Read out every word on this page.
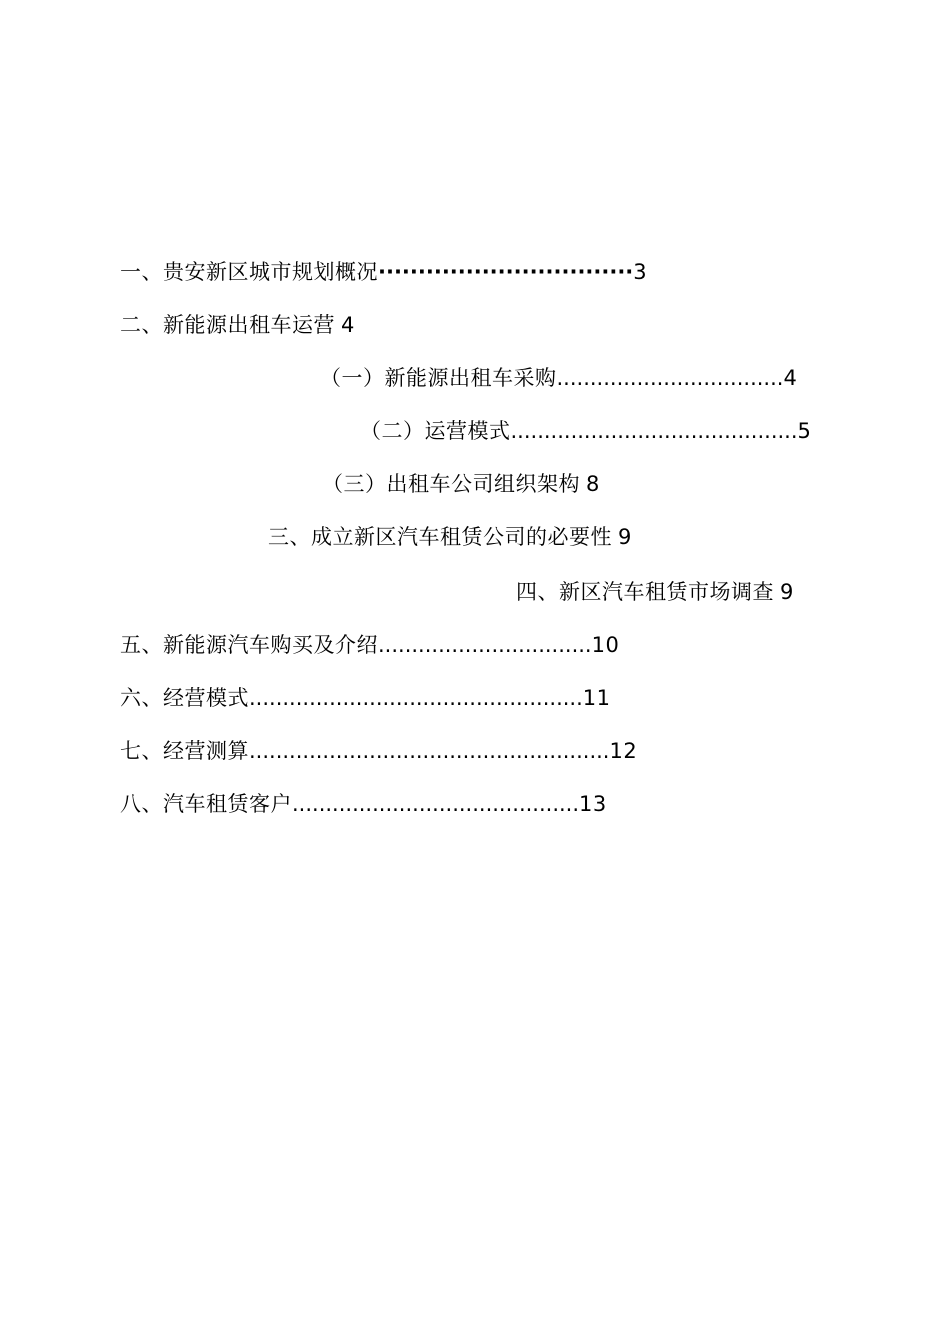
一、贵安新区城市规划概况································3
二、新能源出租车运营 4
（一）新能源出租车采购..................................4
（二）运营模式...........................................5
（三）出租车公司组织架构 8
三、成立新区汽车租赁公司的必要性 9
四、新区汽车租赁市场调查 9
五、新能源汽车购买及介绍................................10
六、经营模式..................................................11
七、经营测算......................................................12
八、汽车租赁客户...........................................13
